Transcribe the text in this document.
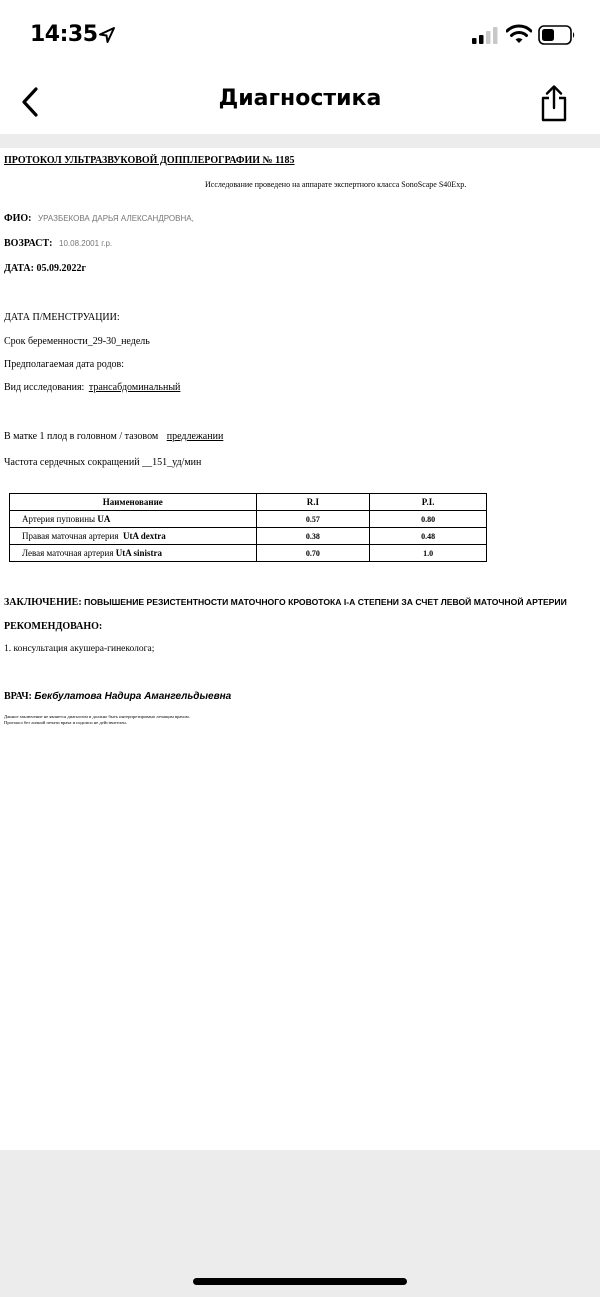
14:35
Диагностика
ПРОТОКОЛ УЛЬТРАЗВУКОВОЙ ДОППЛЕРОГРАФИИ № 1185
Исследование проведено на аппарате экспертного класса SonoScape S40Exp.
ФИО: УРАЗБЕКОВА ДАРЬЯ АЛЕКСАНДРОВНА,
ВОЗРАСТ: 10.08.2001 г.р.
ДАТА: 05.09.2022г
ДАТА П/МЕНСТРУАЦИИ:
Срок беременности_29-30_недель
Предполагаемая дата родов:
Вид исследования: трансабдоминальный
В матке 1 плод в головном / тазовом предлежании
Частота сердечных сокращений __151_уд/мин
Наименование	R.I	P.I.
Артерия пуповины UA	0.57	0.80
Правая маточная артерия UtA dextra	0.38	0.48
Левая маточная артерия UtA sinistra	0.70	1.0
ЗАКЛЮЧЕНИЕ: ПОВЫШЕНИЕ РЕЗИСТЕНТНОСТИ МАТОЧНОГО КРОВОТОКА I-А СТЕПЕНИ ЗА СЧЕТ ЛЕВОЙ МАТОЧНОЙ АРТЕРИИ
РЕКОМЕНДОВАНО:
1. консультация акушера-гинеколога;
ВРАЧ: Бекбулатова Надира Амангельдыевна
Данное заключение не является диагнозом и должно быть интерпретировано лечащим врачом.
Протокол без личной печати врача и подписи не действителен.
